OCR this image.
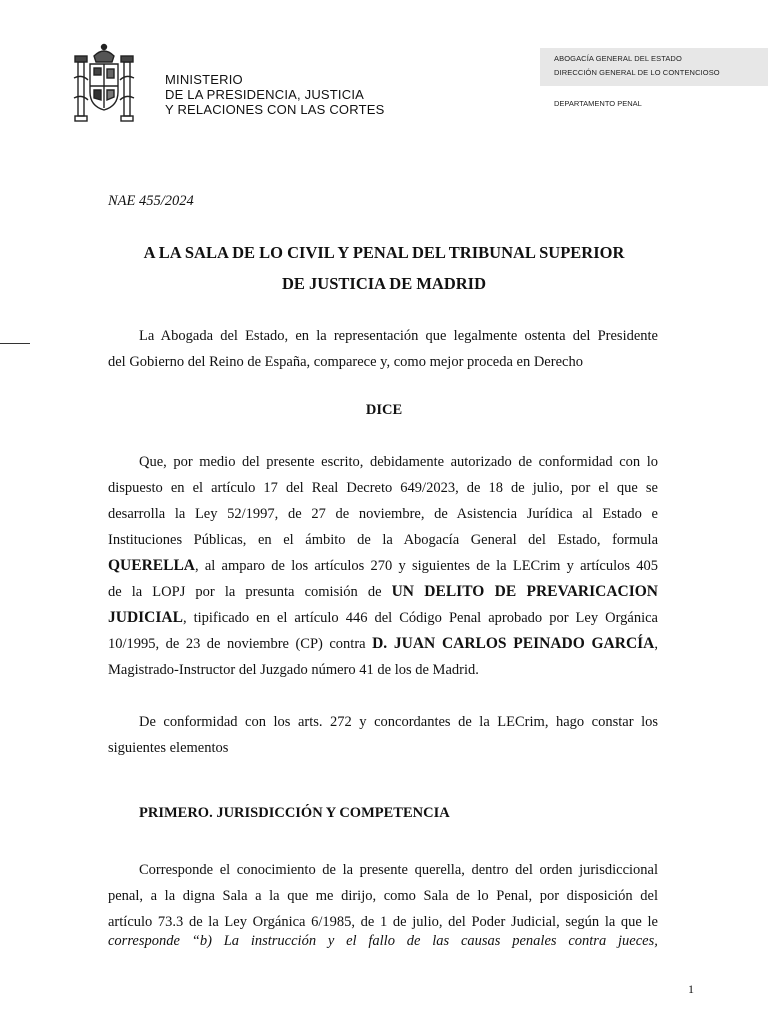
MINISTERIO
DE LA PRESIDENCIA, JUSTICIA
Y RELACIONES CON LAS CORTES
ABOGACÍA GENERAL DEL ESTADO
DIRECCIÓN GENERAL DE LO CONTENCIOSO
DEPARTAMENTO PENAL
NAE 455/2024
A LA SALA DE LO CIVIL Y PENAL DEL TRIBUNAL SUPERIOR
DE JUSTICIA DE MADRID
La Abogada del Estado, en la representación que legalmente ostenta del Presidente
del Gobierno del Reino de España, comparece y, como mejor proceda en Derecho
DICE
Que, por medio del presente escrito, debidamente autorizado de conformidad con lo
dispuesto en el artículo 17 del Real Decreto 649/2023, de 18 de julio, por el que se
desarrolla la Ley 52/1997, de 27 de noviembre, de Asistencia Jurídica al Estado e
Instituciones Públicas, en el ámbito de la Abogacía General del Estado, formula
QUERELLA, al amparo de los artículos 270 y siguientes de la LECrim y artículos 405
de la LOPJ por la presunta comisión de UN DELITO DE PREVARICACION
JUDICIAL, tipificado en el artículo 446 del Código Penal aprobado por Ley Orgánica
10/1995, de 23 de noviembre (CP) contra D. JUAN CARLOS PEINADO GARCÍA,
Magistrado-Instructor del Juzgado número 41 de los de Madrid.
De conformidad con los arts. 272 y concordantes de la LECrim, hago constar los
siguientes elementos
PRIMERO. JURISDICCIÓN Y COMPETENCIA
Corresponde el conocimiento de la presente querella, dentro del orden jurisdiccional
penal, a la digna Sala a la que me dirijo, como Sala de lo Penal, por disposición del
artículo 73.3 de la Ley Orgánica 6/1985, de 1 de julio, del Poder Judicial, según la que le
corresponde “b) La instrucción y el fallo de las causas penales contra jueces,
1
